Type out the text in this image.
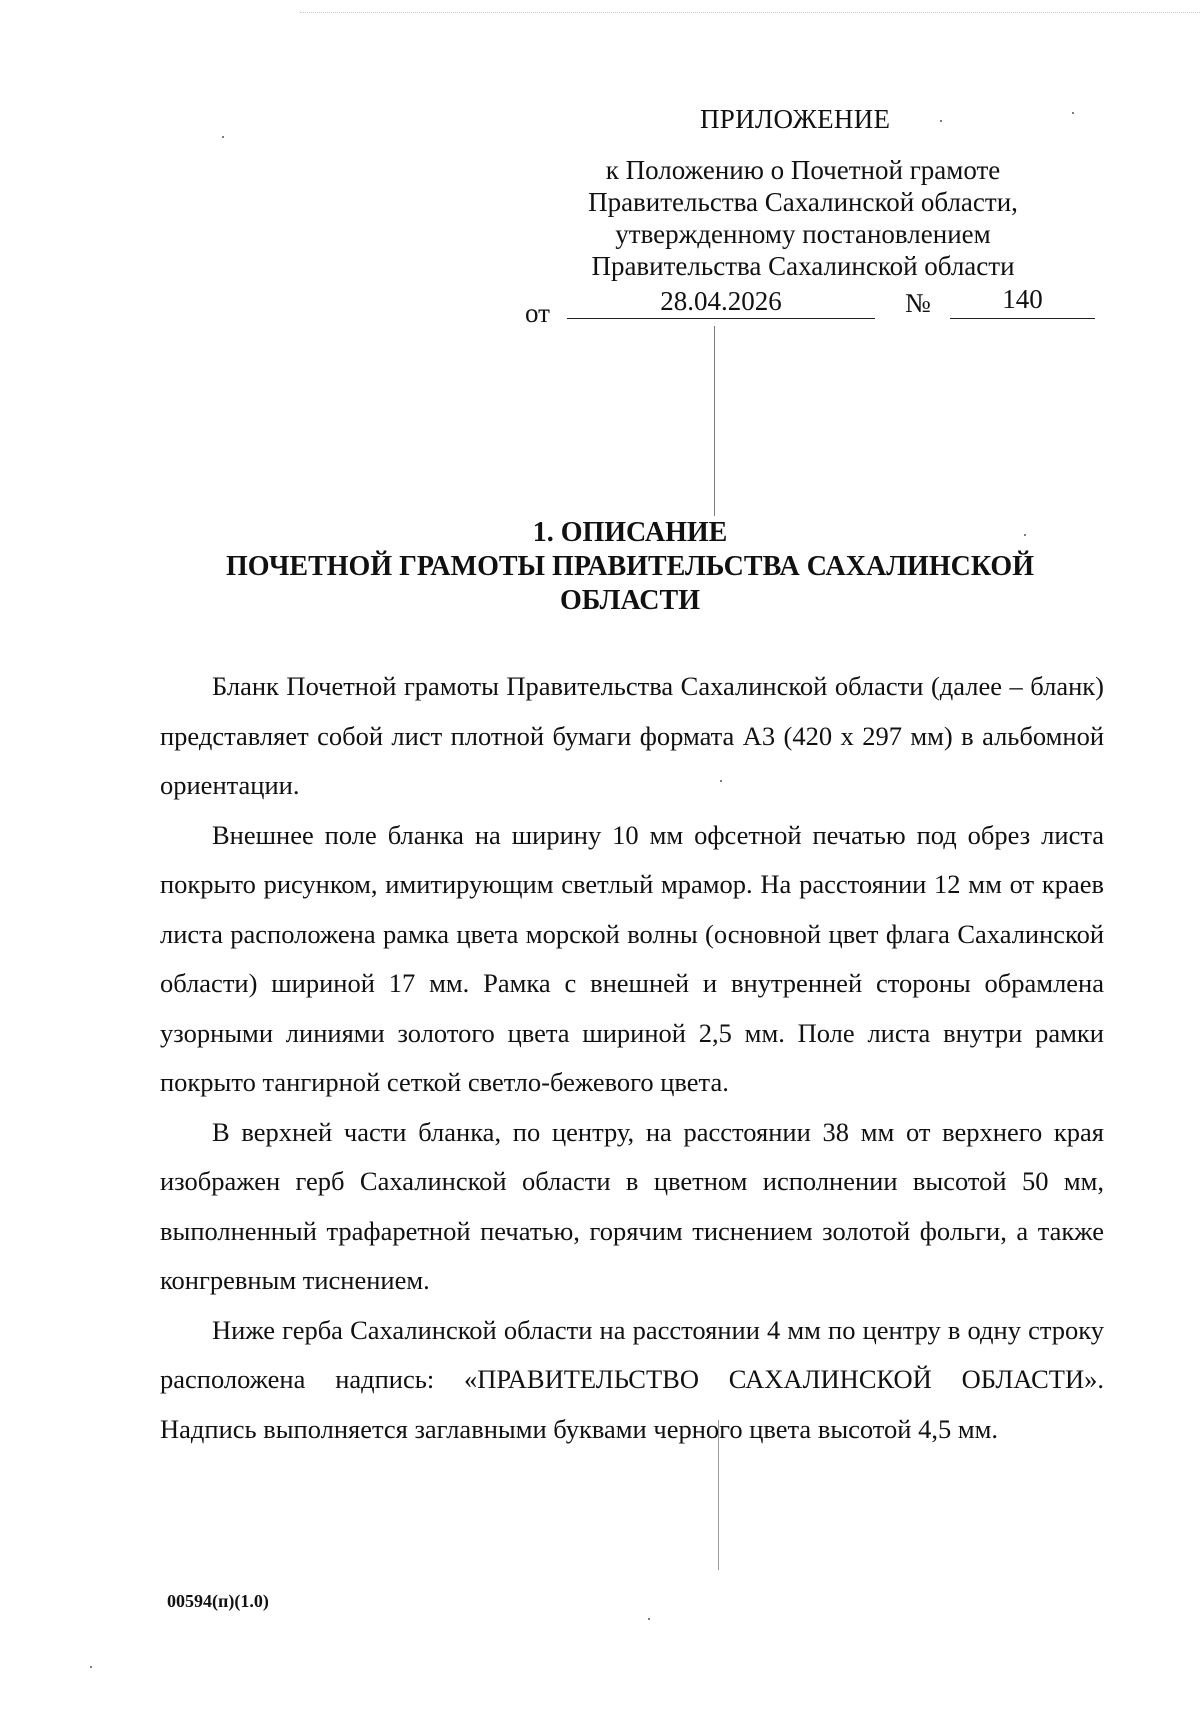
ПРИЛОЖЕНИЕ
к Положению о Почетной грамоте
Правительства Сахалинской области,
утвержденному постановлением
Правительства Сахалинской области
от	28.04.2026	№	140
1. ОПИСАНИЕ
ПОЧЕТНОЙ ГРАМОТЫ ПРАВИТЕЛЬСТВА САХАЛИНСКОЙ
ОБЛАСТИ

Бланк Почетной грамоты Правительства Сахалинской области (далее – бланк) представляет собой лист плотной бумаги формата А3 (420 x 297 мм) в альбомной ориентации.

Внешнее поле бланка на ширину 10 мм офсетной печатью под обрез листа покрыто рисунком, имитирующим светлый мрамор. На расстоянии 12 мм от краев листа расположена рамка цвета морской волны (основной цвет флага Сахалинской области) шириной 17 мм. Рамка с внешней и внутренней стороны обрамлена узорными линиями золотого цвета шириной 2,5 мм. Поле листа внутри рамки покрыто тангирной сеткой светло-бежевого цвета.

В верхней части бланка, по центру, на расстоянии 38 мм от верхнего края изображен герб Сахалинской области в цветном исполнении высотой 50 мм, выполненный трафаретной печатью, горячим тиснением золотой фольги, а также конгревным тиснением.

Ниже герба Сахалинской области на расстоянии 4 мм по центру в одну строку расположена надпись: «ПРАВИТЕЛЬСТВО САХАЛИНСКОЙ ОБЛАСТИ». Надпись выполняется заглавными буквами черного цвета высотой 4,5 мм.

00594(п)(1.0)
